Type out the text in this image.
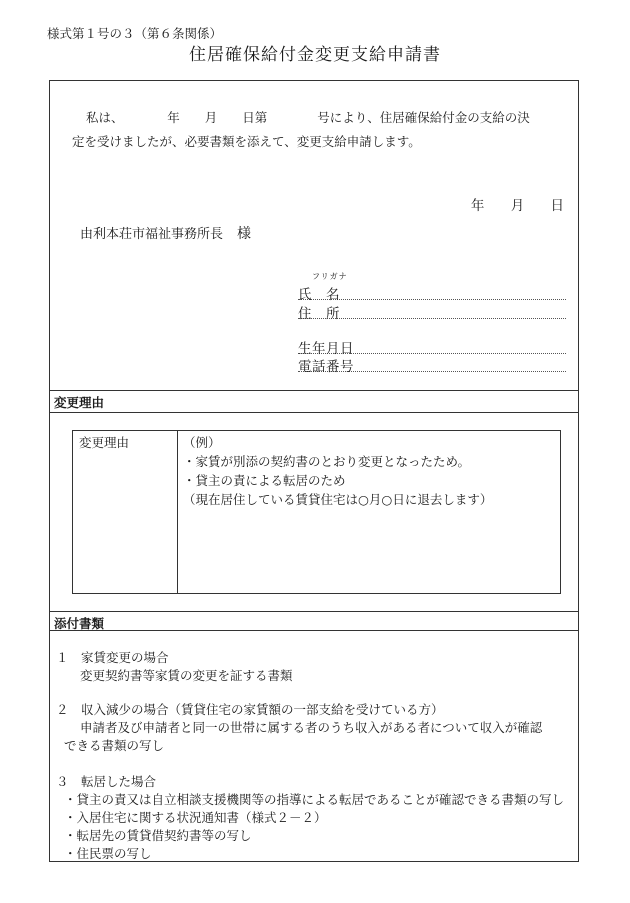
様式第１号の３（第６条関係）
住居確保給付金変更支給申請書
私は、　　　　年　　月　　日第　　　　号により、住居確保給付金の支給の決
定を受けましたが、必要書類を添えて、変更支給申請します。
年 月 日
由利本荘市福祉事務所長 様
フリガナ
氏　名
住　所
生年月日
電話番号
変更理由
変更理由	（例）
・家賃が別添の契約書のとおり変更となったため。
・貸主の責による転居のため
（現在居住している賃貸住宅は○月○日に退去します）
添付書類
１　家賃変更の場合
変更契約書等家賃の変更を証する書類
２　収入減少の場合（賃貸住宅の家賃額の一部支給を受けている方）
申請者及び申請者と同一の世帯に属する者のうち収入がある者について収入が確認
できる書類の写し
３　転居した場合
・貸主の責又は自立相談支援機関等の指導による転居であることが確認できる書類の写し
・入居住宅に関する状況通知書（様式２－２）
・転居先の賃貸借契約書等の写し
・住民票の写し
